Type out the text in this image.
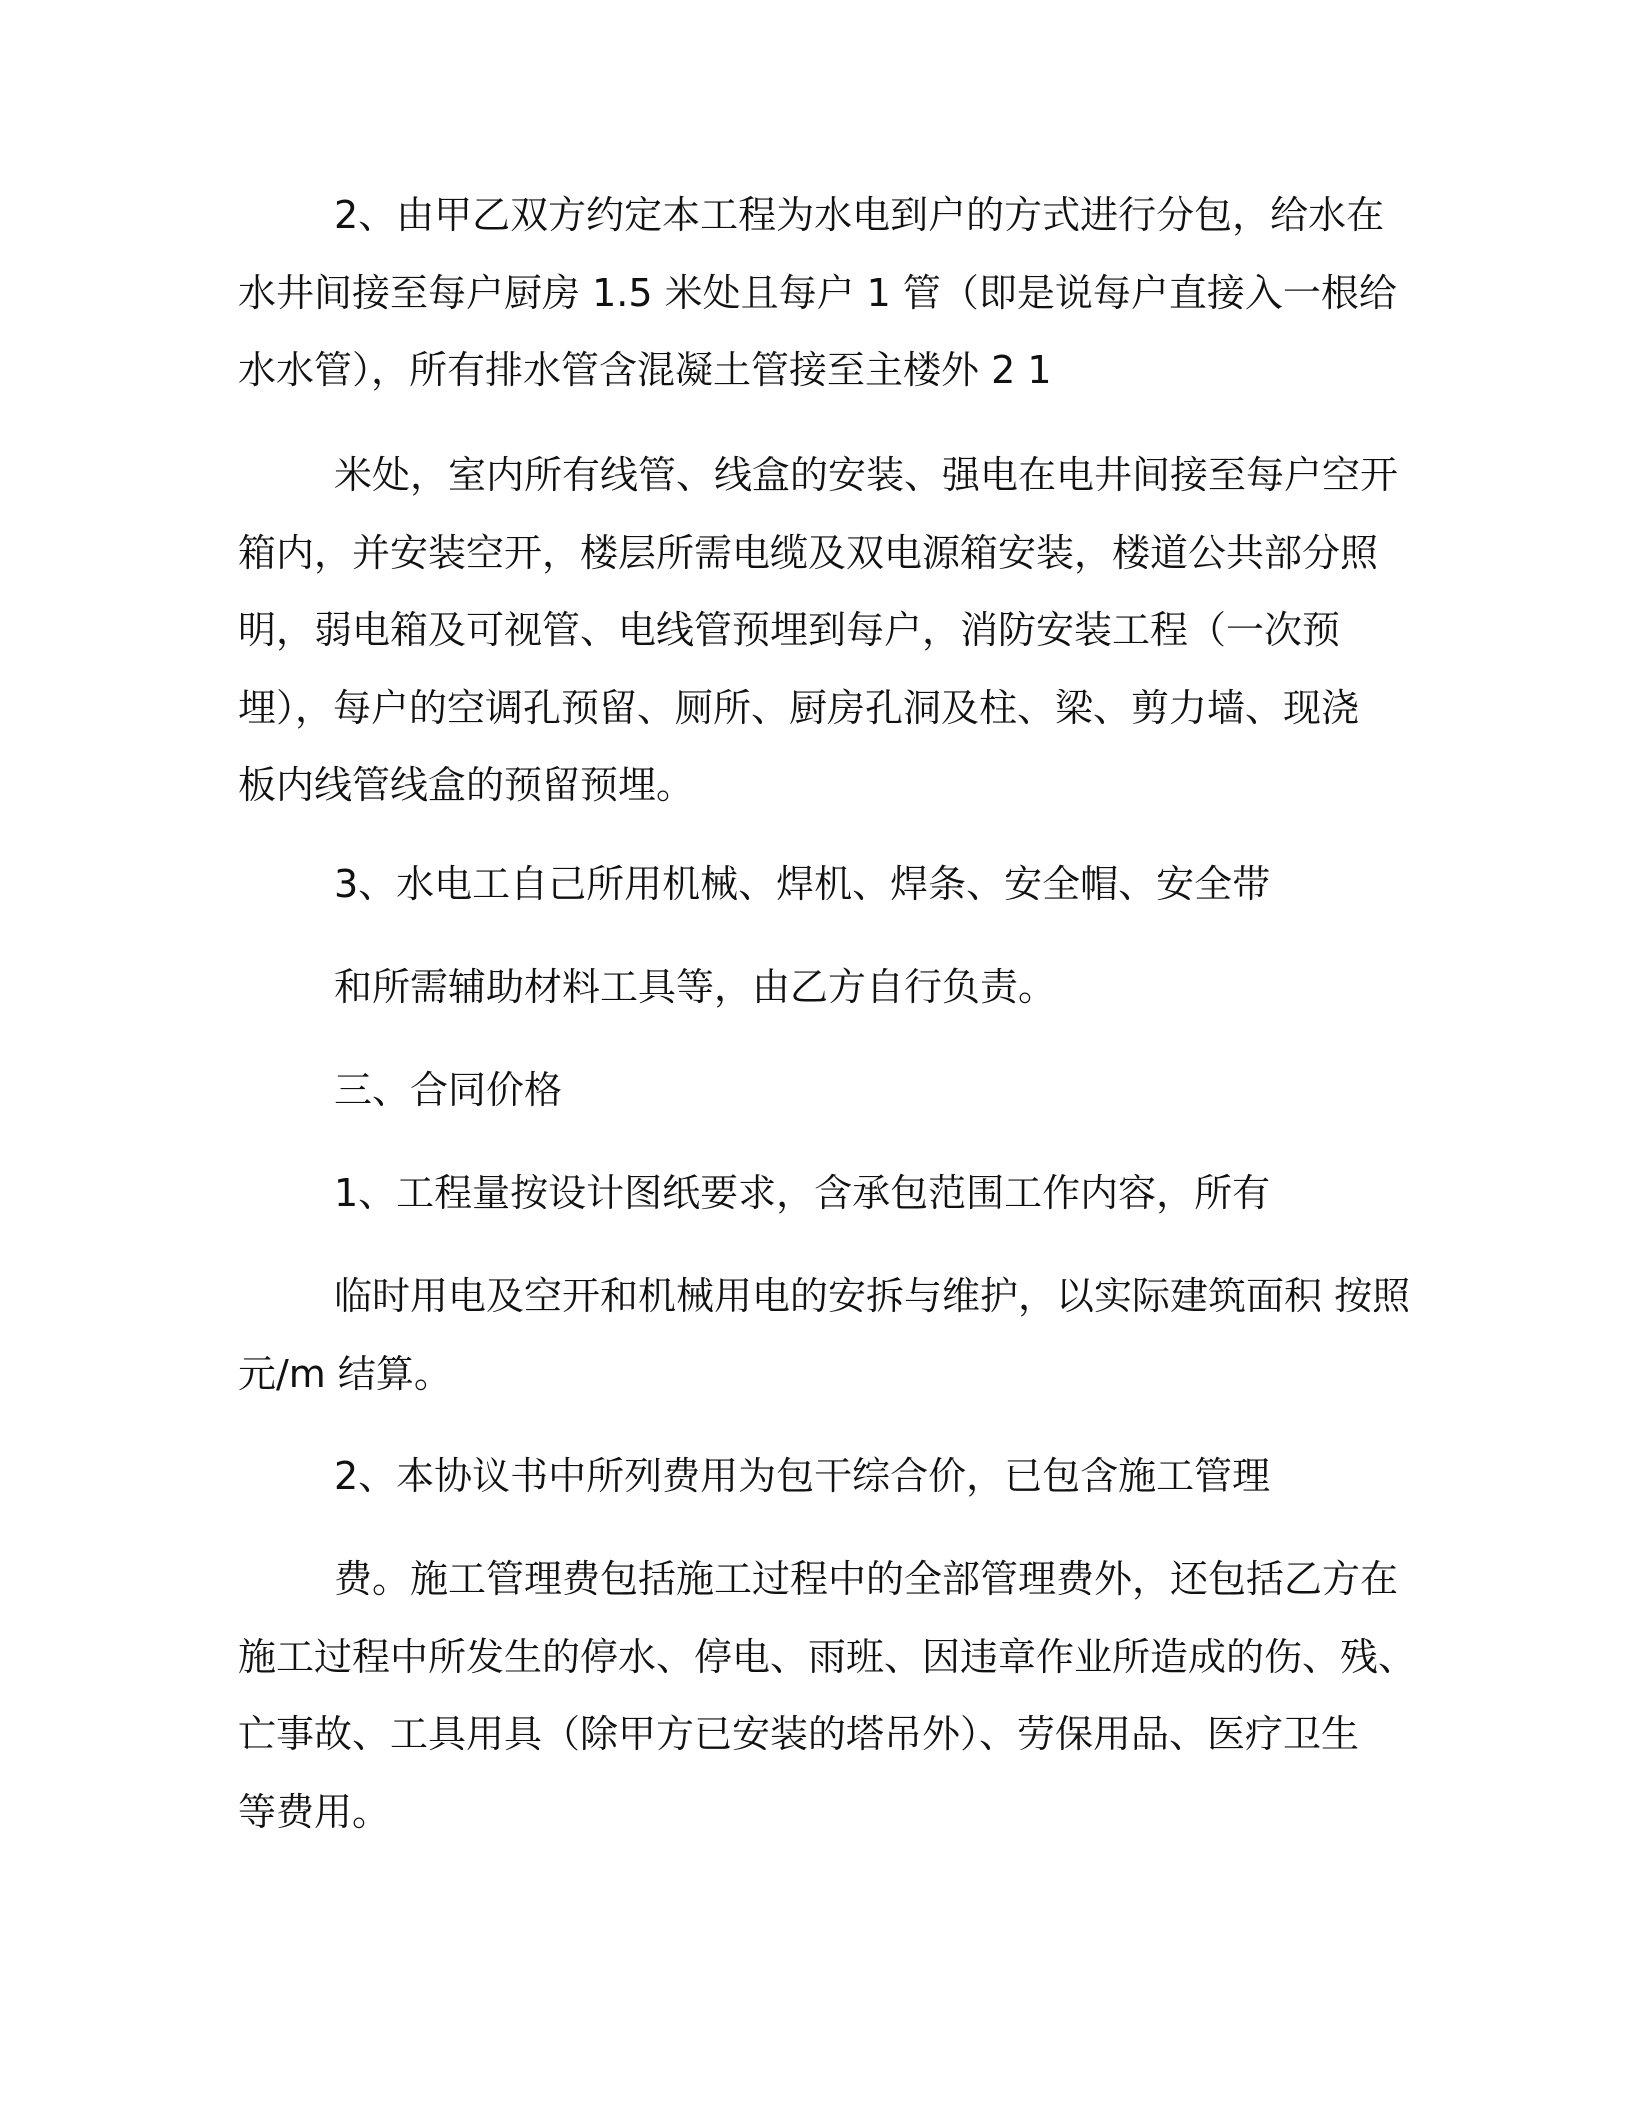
2、由甲乙双方约定本工程为水电到户的方式进行分包，给水在
水井间接至每户厨房 1.5 米处且每户 1 管（即是说每户直接入一根给
水水管），所有排水管含混凝土管接至主楼外 2 1
米处，室内所有线管、线盒的安装、强电在电井间接至每户空开
箱内，并安装空开，楼层所需电缆及双电源箱安装，楼道公共部分照
明，弱电箱及可视管、电线管预埋到每户，消防安装工程（一次预
埋），每户的空调孔预留、厕所、厨房孔洞及柱、梁、剪力墙、现浇
板内线管线盒的预留预埋。
3、水电工自己所用机械、焊机、焊条、安全帽、安全带
和所需辅助材料工具等，由乙方自行负责。
三、合同价格
1、工程量按设计图纸要求，含承包范围工作内容，所有
临时用电及空开和机械用电的安拆与维护，以实际建筑面积 按照
元/m 结算。
2、本协议书中所列费用为包干综合价，已包含施工管理
费。施工管理费包括施工过程中的全部管理费外，还包括乙方在
施工过程中所发生的停水、停电、雨班、因违章作业所造成的伤、残、
亡事故、工具用具（除甲方已安装的塔吊外）、劳保用品、医疗卫生
等费用。
